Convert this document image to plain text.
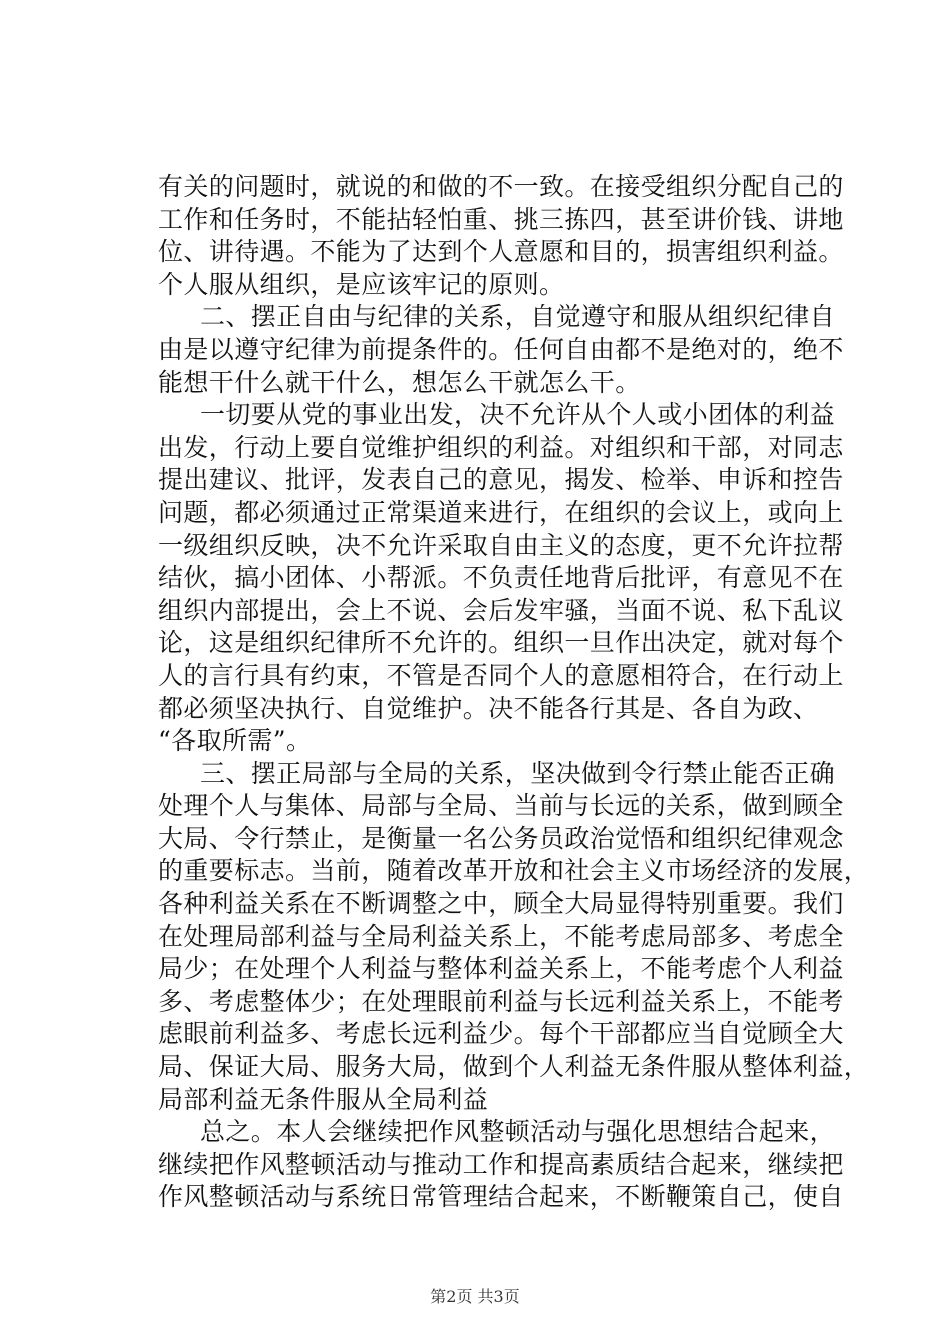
有关的问题时，就说的和做的不一致。在接受组织分配自己的
工作和任务时，不能拈轻怕重、挑三拣四，甚至讲价钱、讲地
位、讲待遇。不能为了达到个人意愿和目的，损害组织利益。
个人服从组织，是应该牢记的原则。
二、摆正自由与纪律的关系，自觉遵守和服从组织纪律自
由是以遵守纪律为前提条件的。任何自由都不是绝对的，绝不
能想干什么就干什么，想怎么干就怎么干。
一切要从党的事业出发，决不允许从个人或小团体的利益
出发，行动上要自觉维护组织的利益。对组织和干部，对同志
提出建议、批评，发表自己的意见，揭发、检举、申诉和控告
问题，都必须通过正常渠道来进行，在组织的会议上，或向上
一级组织反映，决不允许采取自由主义的态度，更不允许拉帮
结伙，搞小团体、小帮派。不负责任地背后批评，有意见不在
组织内部提出，会上不说、会后发牢骚，当面不说、私下乱议
论，这是组织纪律所不允许的。组织一旦作出决定，就对每个
人的言行具有约束，不管是否同个人的意愿相符合，在行动上
都必须坚决执行、自觉维护。决不能各行其是、各自为政、
“各取所需”。
三、摆正局部与全局的关系，坚决做到令行禁止能否正确
处理个人与集体、局部与全局、当前与长远的关系，做到顾全
大局、令行禁止，是衡量一名公务员政治觉悟和组织纪律观念
的重要标志。当前，随着改革开放和社会主义市场经济的发展，
各种利益关系在不断调整之中，顾全大局显得特别重要。我们
在处理局部利益与全局利益关系上，不能考虑局部多、考虑全
局少；在处理个人利益与整体利益关系上，不能考虑个人利益
多、考虑整体少；在处理眼前利益与长远利益关系上，不能考
虑眼前利益多、考虑长远利益少。每个干部都应当自觉顾全大
局、保证大局、服务大局，做到个人利益无条件服从整体利益，
局部利益无条件服从全局利益
总之。本人会继续把作风整顿活动与强化思想结合起来，
继续把作风整顿活动与推动工作和提高素质结合起来，继续把
作风整顿活动与系统日常管理结合起来，不断鞭策自己，使自
第2页 共3页
